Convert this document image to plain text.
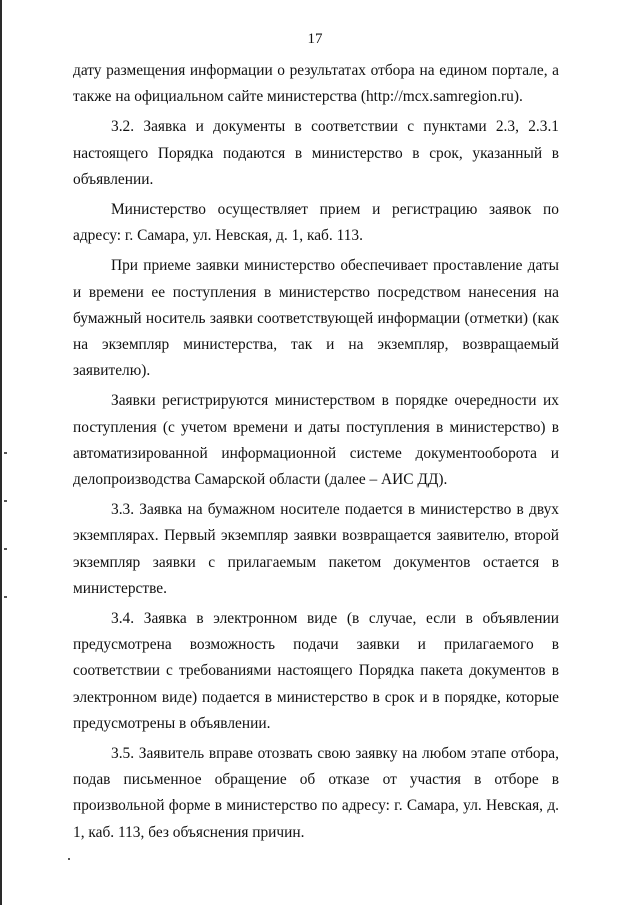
17

дату размещения информации о результатах отбора на едином портале, а также на официальном сайте министерства (http://mcx.samregion.ru).

3.2. Заявка и документы в соответствии с пунктами 2.3, 2.3.1 настоящего Порядка подаются в министерство в срок, указанный в объявлении.

Министерство осуществляет прием и регистрацию заявок по адресу: г. Самара, ул. Невская, д. 1, каб. 113.

При приеме заявки министерство обеспечивает проставление даты и времени ее поступления в министерство посредством нанесения на бумажный носитель заявки соответствующей информации (отметки) (как на экземпляр министерства, так и на экземпляр, возвращаемый заявителю).

Заявки регистрируются министерством в порядке очередности их поступления (с учетом времени и даты поступления в министерство) в автоматизированной информационной системе документооборота и делопроизводства Самарской области (далее – АИС ДД).

3.3. Заявка на бумажном носителе подается в министерство в двух экземплярах. Первый экземпляр заявки возвращается заявителю, второй экземпляр заявки с прилагаемым пакетом документов остается в министерстве.

3.4. Заявка в электронном виде (в случае, если в объявлении предусмотрена возможность подачи заявки и прилагаемого в соответствии с требованиями настоящего Порядка пакета документов в электронном виде) подается в министерство в срок и в порядке, которые предусмотрены в объявлении.

3.5. Заявитель вправе отозвать свою заявку на любом этапе отбора, подав письменное обращение об отказе от участия в отборе в произвольной форме в министерство по адресу: г. Самара, ул. Невская, д. 1, каб. 113, без объяснения причин.
